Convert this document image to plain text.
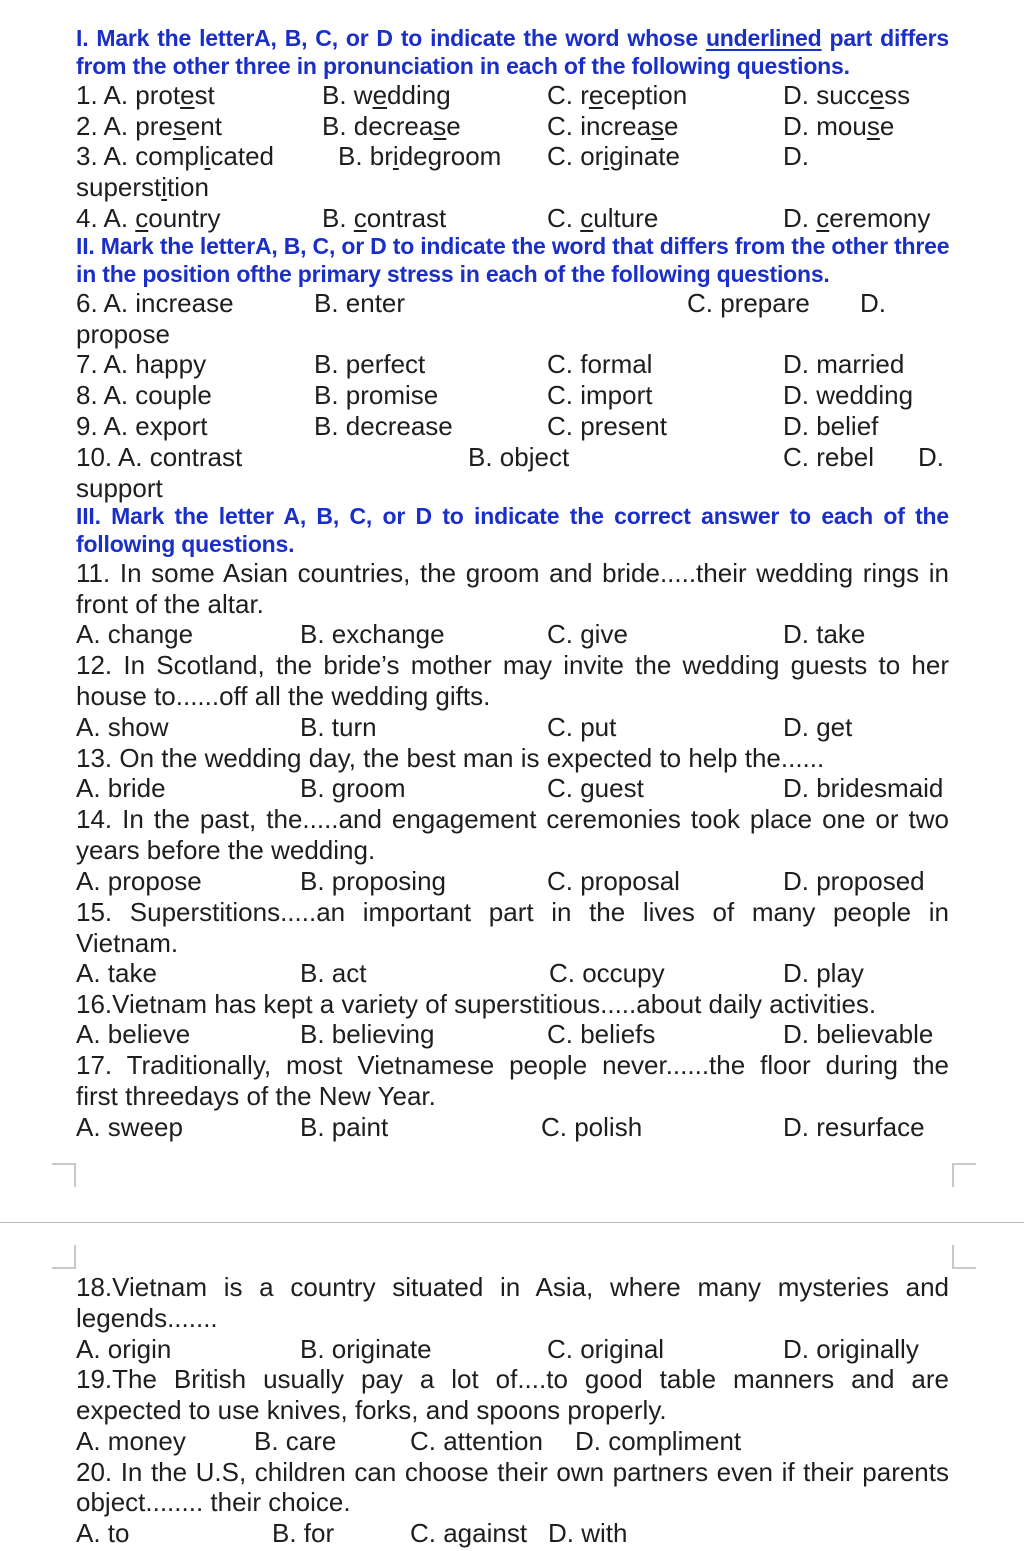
I. Mark the letterA, B, C, or D to indicate the word whose underlined part differs
from the other three in pronunciation in each of the following questions.
1. A. protest	B. wedding	C. reception	D. success
2. A. present	B. decrease	C. increase	D. mouse
3. A. complicated B. bridegroom C. originate	D.
superstition
4. A. country	B. contrast	C. culture	D. ceremony
II. Mark the letterA, B, C, or D to indicate the word that differs from the other three
in the position ofthe primary stress in each of the following questions.
6. A. increase	B. enter	C. prepare D.
propose
7. A. happy	B. perfect	C. formal	D. married
8. A. couple	B. promise	C. import	D. wedding
9. A. export	B. decrease	C. present	D. belief
10. A. contrast	B. object	C. rebel D.
support
III. Mark the letter A, B, C, or D to indicate the correct answer to each of the
following questions.
11. In some Asian countries, the groom and bride.....their wedding rings in
front of the altar.
A. change	B. exchange	C. give	D. take
12. In Scotland, the bride’s mother may invite the wedding guests to her
house to......off all the wedding gifts.
A. show	B. turn	C. put	D. get
13. On the wedding day, the best man is expected to help the......
A. bride	B. groom	C. guest	D. bridesmaid
14. In the past, the.....and engagement ceremonies took place one or two
years before the wedding.
A. propose	B. proposing	C. proposal	D. proposed
15. Superstitions.....an important part in the lives of many people in
Vietnam.
A. take	B. act	C. occupy	D. play
16.Vietnam has kept a variety of superstitious.....about daily activities.
A. believe	B. believing	C. beliefs	D. believable
17. Traditionally, most Vietnamese people never......the floor during the
first threedays of the New Year.
A. sweep	B. paint	C. polish	D. resurface
18.Vietnam is a country situated in Asia, where many mysteries and
legends.......
A. origin	B. originate	C. original	D. originally
19.The British usually pay a lot of....to good table manners and are
expected to use knives, forks, and spoons properly.
A. money	B. care	C. attention D. compliment
20. In the U.S, children can choose their own partners even if their parents
object........ their choice.
A. to	B. for	C. against D. with
